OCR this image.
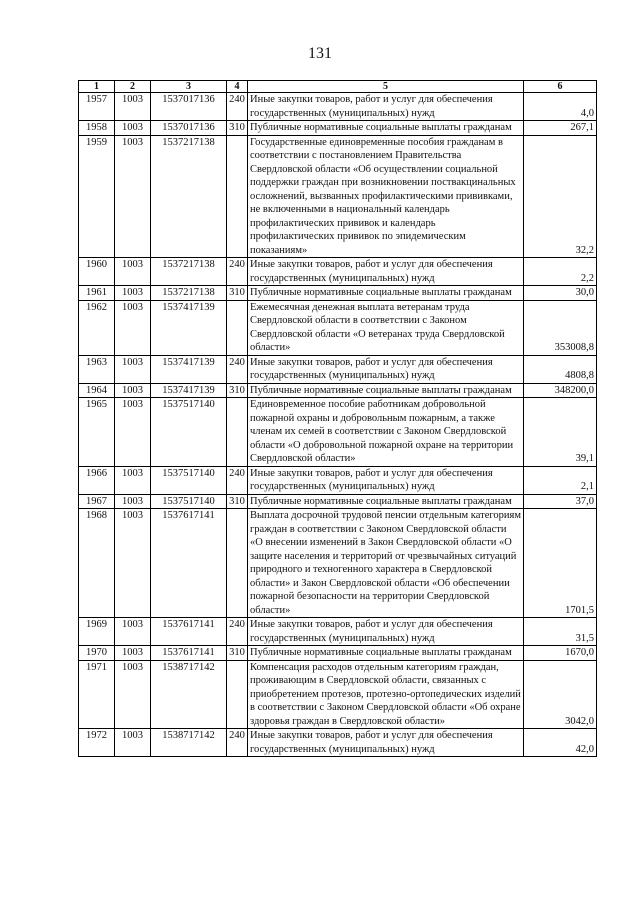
131
1	2	3	4	5	6
1957	1003	1537017136	240	Иные закупки товаров, работ и услуг для обеспечения государственных (муниципальных) нужд	4,0
1958	1003	1537017136	310	Публичные нормативные социальные выплаты гражданам	267,1
1959	1003	1537217138		Государственные единовременные пособия гражданам в соответствии с постановлением Правительства Свердловской области «Об осуществлении социальной поддержки граждан при возникновении поствакцинальных осложнений, вызванных профилактическими прививками, не включенными в национальный календарь профилактических прививок и календарь профилактических прививок по эпидемическим показаниям»	32,2
1960	1003	1537217138	240	Иные закупки товаров, работ и услуг для обеспечения государственных (муниципальных) нужд	2,2
1961	1003	1537217138	310	Публичные нормативные социальные выплаты гражданам	30,0
1962	1003	1537417139		Ежемесячная денежная выплата ветеранам труда Свердловской области в соответствии с Законом Свердловской области «О ветеранах труда Свердловской области»	353008,8
1963	1003	1537417139	240	Иные закупки товаров, работ и услуг для обеспечения государственных (муниципальных) нужд	4808,8
1964	1003	1537417139	310	Публичные нормативные социальные выплаты гражданам	348200,0
1965	1003	1537517140		Единовременное пособие работникам добровольной пожарной охраны и добровольным пожарным, а также членам их семей в соответствии с Законом Свердловской области «О добровольной пожарной охране на территории Свердловской области»	39,1
1966	1003	1537517140	240	Иные закупки товаров, работ и услуг для обеспечения государственных (муниципальных) нужд	2,1
1967	1003	1537517140	310	Публичные нормативные социальные выплаты гражданам	37,0
1968	1003	1537617141		Выплата досрочной трудовой пенсии отдельным категориям граждан в соответствии с Законом Свердловской области «О внесении изменений в Закон Свердловской области «О защите населения и территорий от чрезвычайных ситуаций природного и техногенного характера в Свердловской области» и Закон Свердловской области «Об обеспечении пожарной безопасности на территории Свердловской области»	1701,5
1969	1003	1537617141	240	Иные закупки товаров, работ и услуг для обеспечения государственных (муниципальных) нужд	31,5
1970	1003	1537617141	310	Публичные нормативные социальные выплаты гражданам	1670,0
1971	1003	1538717142		Компенсация расходов отдельным категориям граждан, проживающим в Свердловской области, связанных с приобретением протезов, протезно-ортопедических изделий в соответствии с Законом Свердловской области «Об охране здоровья граждан в Свердловской области»	3042,0
1972	1003	1538717142	240	Иные закупки товаров, работ и услуг для обеспечения государственных (муниципальных) нужд	42,0
